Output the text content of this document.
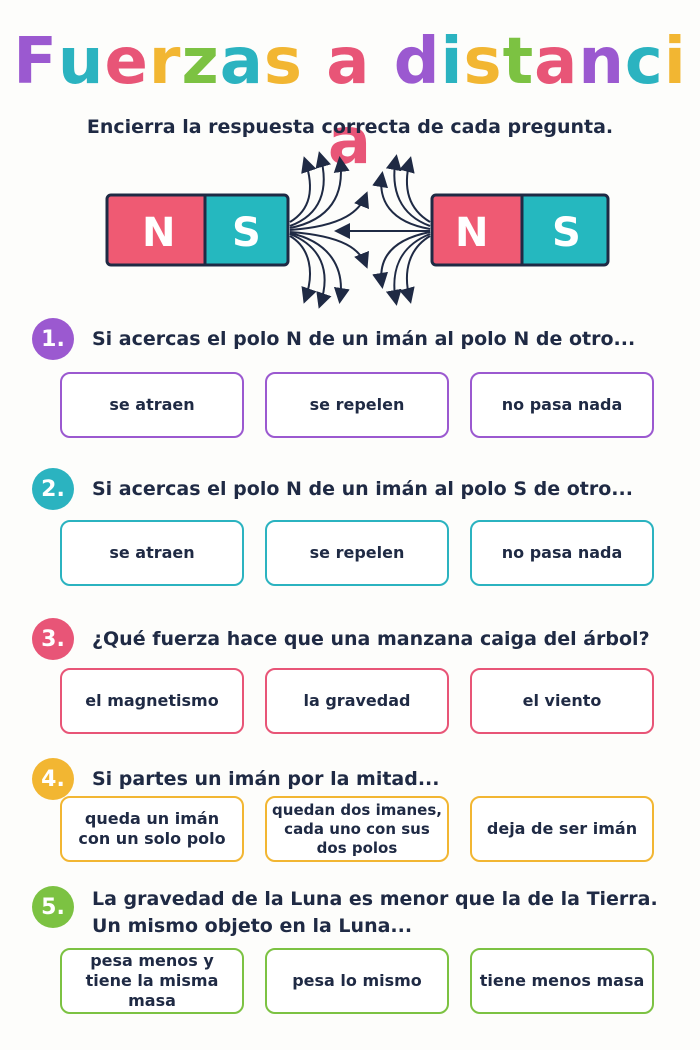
Fuerzas a distancia
Encierra la respuesta correcta de cada pregunta.
N S	N S
1.	Si acercas el polo N de un imán al polo N de otro...
se atraen	se repelen	no pasa nada
2.	Si acercas el polo N de un imán al polo S de otro...
se atraen	se repelen	no pasa nada
3.	¿Qué fuerza hace que una manzana caiga del árbol?
el magnetismo	la gravedad	el viento
4.	Si partes un imán por la mitad...
queda un imán
con un solo polo
quedan dos imanes,
cada uno con sus
dos polos
deja de ser imán
5.	La gravedad de la Luna es menor que la de la Tierra.
Un mismo objeto en la Luna...
pesa menos y
tiene la misma masa
pesa lo mismo	tiene menos masa
